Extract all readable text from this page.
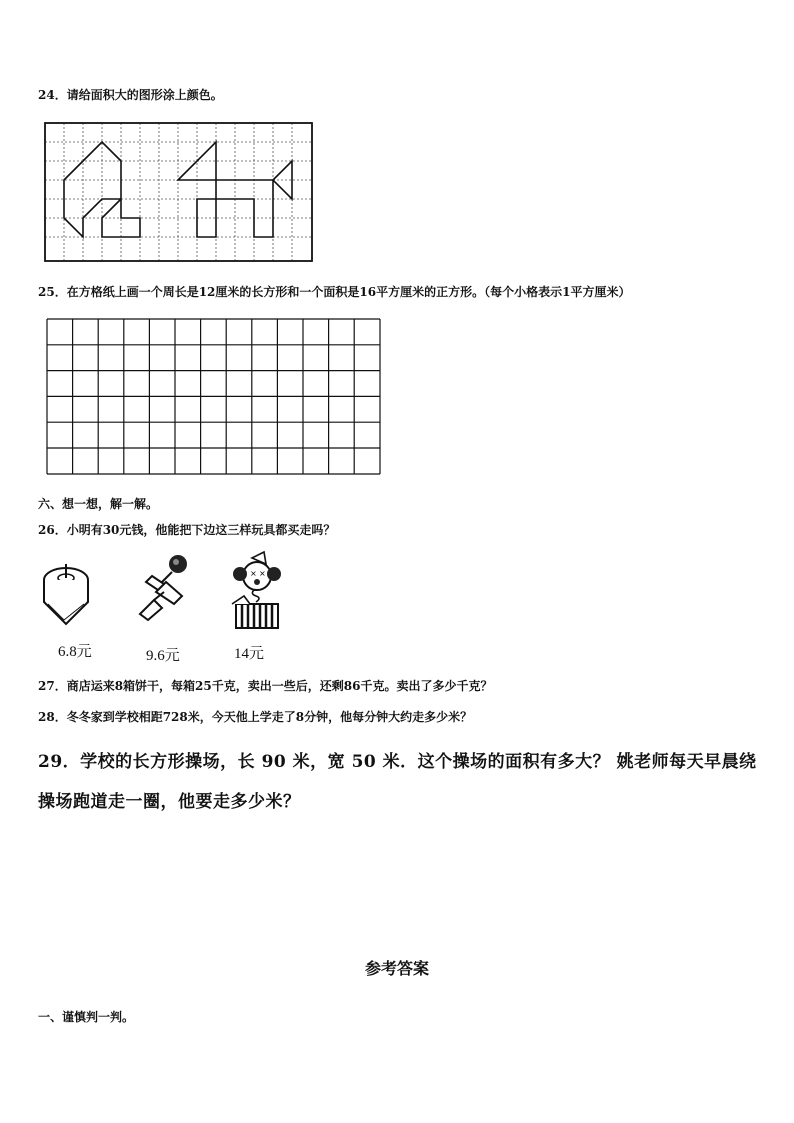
24．请给面积大的图形涂上颜色。
25．在方格纸上画一个周长是12厘米的长方形和一个面积是16平方厘米的正方形。（每个小格表示1平方厘米）
六、想一想，解一解。
26．小明有30元钱，他能把下边这三样玩具都买走吗？
× ×
6.8元	9.6元	14元
27．商店运来8箱饼干，每箱25千克，卖出一些后，还剩86千克。卖出了多少千克？
28．冬冬家到学校相距728米，今天他上学走了8分钟，他每分钟大约走多少米？
29．学校的长方形操场，长 90 米，宽 50 米．这个操场的面积有多大？ 姚老师每天早晨绕操场跑道走一圈，他要走多少米？
参考答案
一、谨慎判一判。
